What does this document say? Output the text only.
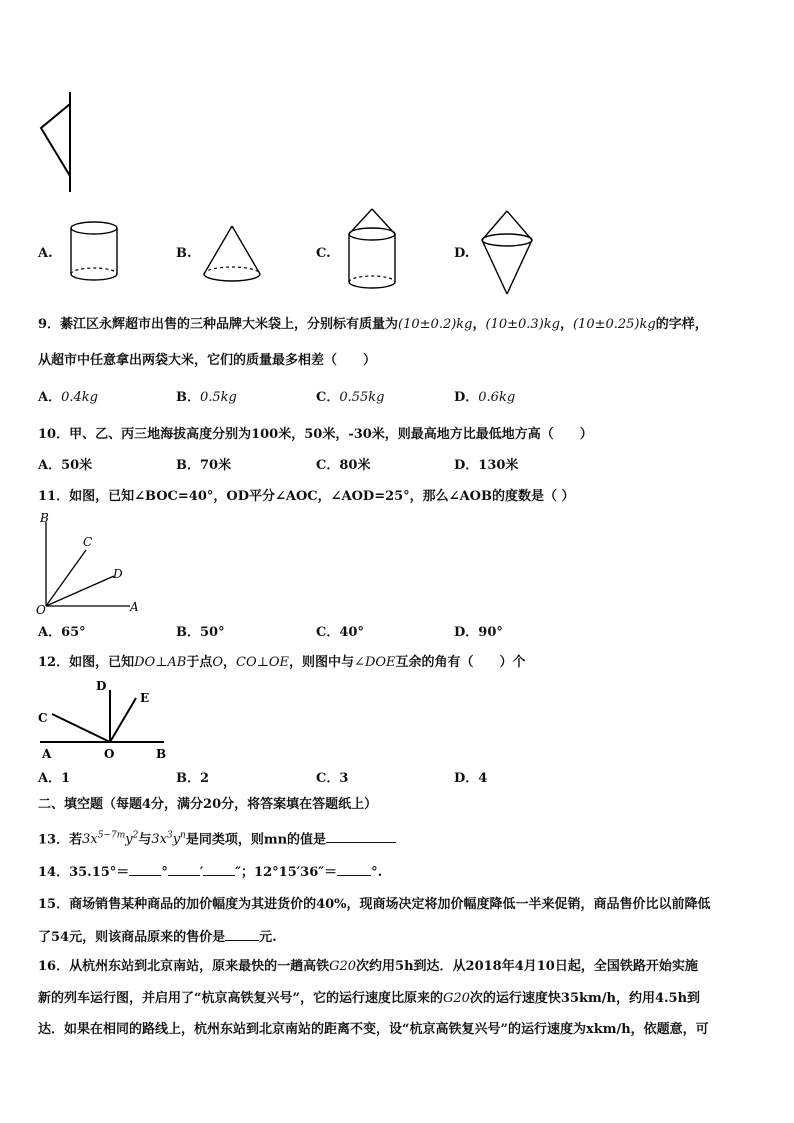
A.	B.	C.	D.
9．綦江区永辉超市出售的三种品牌大米袋上，分别标有质量为(10±0.2)kg，(10±0.3)kg，(10±0.25)kg的字样，
从超市中任意拿出两袋大米，它们的质量最多相差（　　）
A．0.4kg	B．0.5kg	C．0.55kg	D．0.6kg
10．甲、乙、丙三地海拔高度分别为100米，50米，-30米，则最高地方比最低地方高（　　）
A．50米	B．70米	C．80米	D．130米
11．如图，已知∠BOC=40°，OD平分∠AOC，∠AOD=25°，那么∠AOB的度数是（ ）
B
C
D
O	A
A．65°	B．50°	C．40°	D．90°
12．如图，已知DO⊥AB于点O，CO⊥OE，则图中与∠DOE互余的角有（　　）个
D
E
C
A	O	B
A．1	B．2	C．3	D．4
二、填空题（每题4分，满分20分，将答案填在答题纸上）
13．若$3x^{5-7m}y^2$与$3x^3y^n$是同类项，则mn的值是
14．35.15°＝ ° ′ ″；12°15′36″＝	°.
15．商场销售某种商品的加价幅度为其进货价的40%，现商场决定将加价幅度降低一半来促销，商品售价比以前降低
了54元，则该商品原来的售价是	元.
16．从杭州东站到北京南站，原来最快的一趟高铁G20次约用5h到达．从2018年4月10日起，全国铁路开始实施
新的列车运行图，并启用了“杭京高铁复兴号”，它的运行速度比原来的G20次的运行速度快35km/h，约用4.5h到
达．如果在相同的路线上，杭州东站到北京南站的距离不变，设“杭京高铁复兴号”的运行速度为xkm/h，依题意，可
